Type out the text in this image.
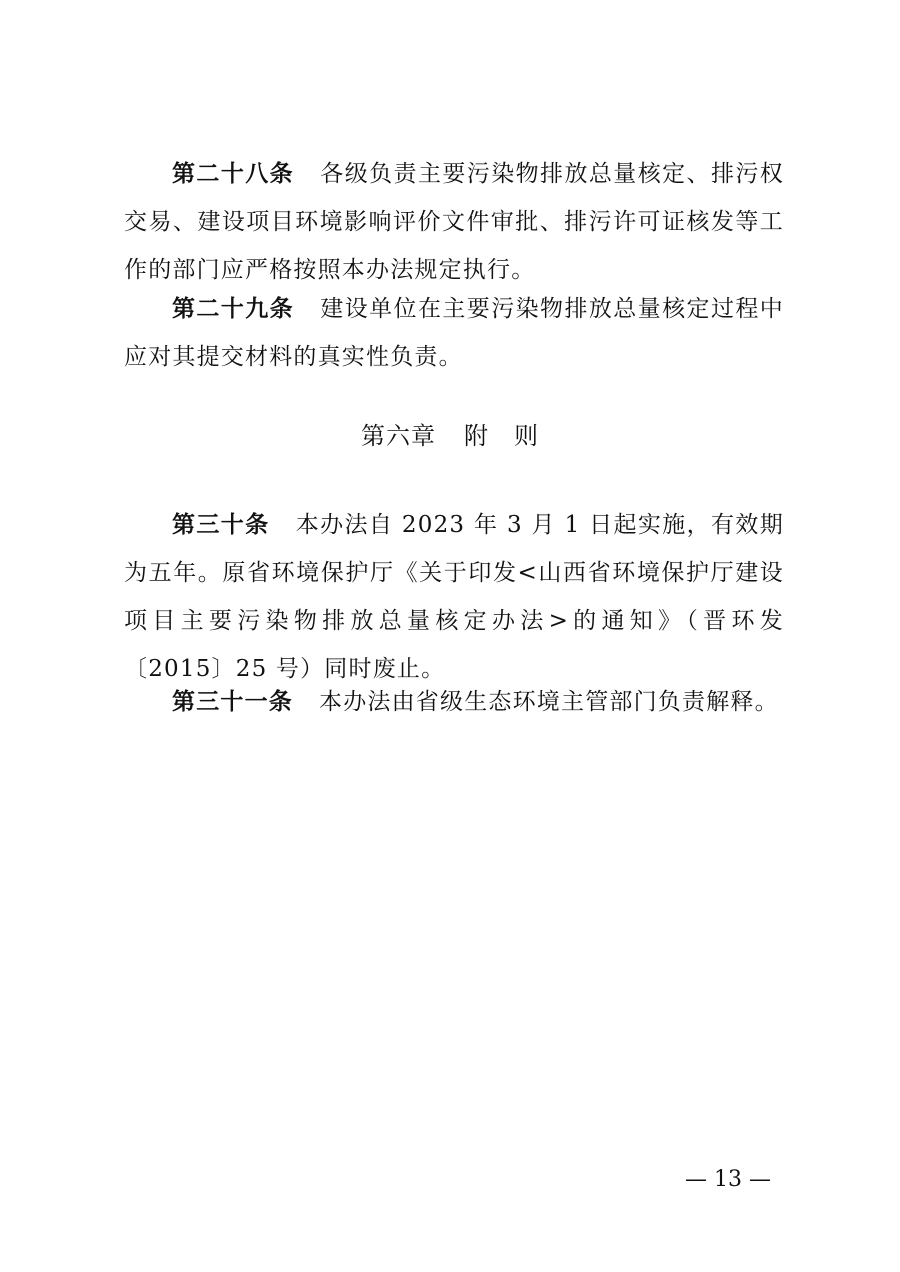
第二十八条 各级负责主要污染物排放总量核定、排污权交易、建设项目环境影响评价文件审批、排污许可证核发等工作的部门应严格按照本办法规定执行。

第二十九条 建设单位在主要污染物排放总量核定过程中应对其提交材料的真实性负责。

第六章 附　则

第三十条 本办法自 2023 年 3 月 1 日起实施，有效期为五年。原省环境保护厅《关于印发<山西省环境保护厅建设项目主要污染物排放总量核定办法>的通知》（晋环发〔2015〕25 号）同时废止。

第三十一条 本办法由省级生态环境主管部门负责解释。

— 13 —
